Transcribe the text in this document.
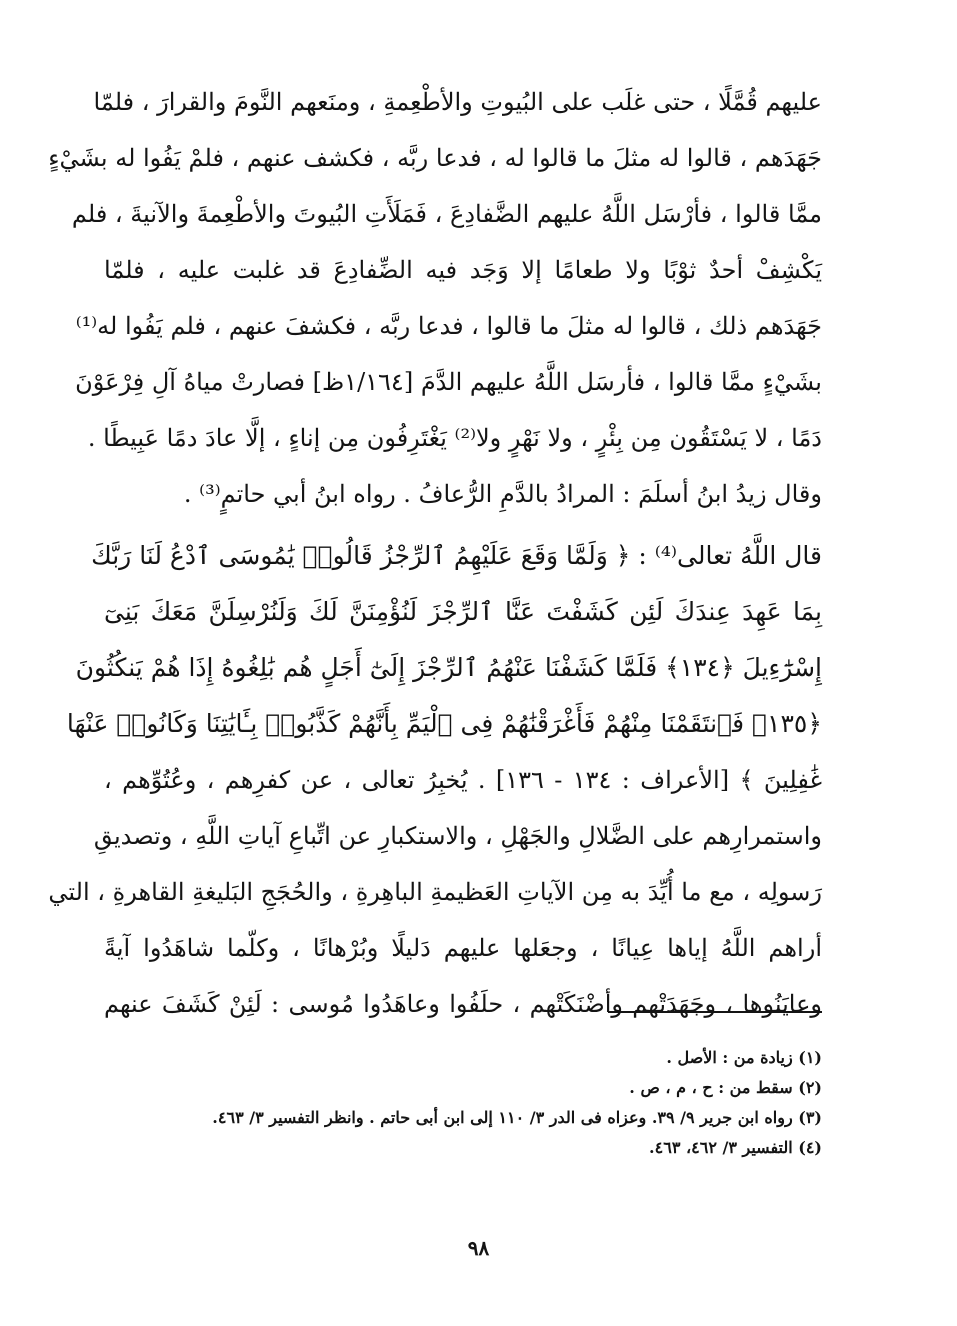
عليهم قُمَّلًا ، حتى غلَب على البُيوتِ والأطْعِمةِ ، ومنَعهم النَّومَ والقرارَ ، فلمّا
جَهَدَهم ، قالوا له مثلَ ما قالوا له ، فدعا ربَّه ، فكشف عنهم ، فلمْ يَفُوا له بشَيْءٍ
ممَّا قالوا ، فأرْسَل اللَّهُ عليهم الضَّفادِعَ ، فَمَلَأَتِ البُيوتَ والأطْعِمةَ والآنيةَ ، فلم
يَكْشِفْ أحدٌ ثوْبًا ولا طعامًا إلا وَجَد فيه الضِّفادِعَ قد غلبت عليه ، فلمّا
جَهَدَهم ذلك ، قالوا له مثلَ ما قالوا ، فدعا ربَّه ، فكشفَ عنهم ، فلم يَفُوا له⁽¹⁾
بشَيْءٍ ممَّا قالوا ، فأرسَل اللَّهُ عليهم الدَّمَ [١/١٦٤ظ] فصارتْ مياهُ آلِ فِرْعَوْنَ
دَمًا ، لا يَسْتَقُون مِن بِئْرٍ ، ولا نَهْرٍ ولا⁽²⁾ يَغْتَرِفُون مِن إناءٍ ، إلَّا عادَ دمًا عَبِيطًا .
وقال زيدُ ابنُ أسلَمَ : المرادُ بالدَّمِ الرُّعافُ . رواه ابنُ أبي حاتمٍ⁽³⁾ .
قال اللَّهُ تعالى⁽⁴⁾ : ﴿ وَلَمَّا وَقَعَ عَلَيْهِمُ ٱلرِّجْزُ قَالُوا۟ يَٰمُوسَى ٱدْعُ لَنَا رَبَّكَ
بِمَا عَهِدَ عِندَكَ لَئِن كَشَفْتَ عَنَّا ٱلرِّجْزَ لَنُؤْمِنَنَّ لَكَ وَلَنُرْسِلَنَّ مَعَكَ بَنِىٓ
إِسْرَٰٓءِيلَ ﴿١٣٤﴾ فَلَمَّا كَشَفْنَا عَنْهُمُ ٱلرِّجْزَ إِلَىٰٓ أَجَلٍ هُم بَٰلِغُوهُ إِذَا هُمْ يَنكُثُونَ
﴿١٣٥﴾ فَٱنتَقَمْنَا مِنْهُمْ فَأَغْرَقْنَٰهُمْ فِى ٱلْيَمِّ بِأَنَّهُمْ كَذَّبُوا۟ بِـَٔايَٰتِنَا وَكَانُوا۟ عَنْهَا
غَٰفِلِينَ ﴾ [الأعراف : ١٣٤ - ١٣٦] . يُخبِرُ تعالى ، عن كفرِهم ، وعُتُوِّهم ،
واستمرارِهم على الضَّلالِ والجَهْلِ ، والاستكبارِ عن اتِّباعِ آياتِ اللَّهِ ، وتصديقِ
رَسولِه ، مع ما أُيِّدَ به مِن الآياتِ العَظيمةِ الباهِرةِ ، والحُجَجِ البَليغةِ القاهرةِ ، التي
أراهم اللَّهُ إياها عِيانًا ، وجعَلها عليهم دَليلًا وبُرْهانًا ، وكلّما شاهَدُوا آيةً
وعايَنُوها ، وجَهَدَتْهم وأضْنَكَتْهم ، حلَفُوا وعاهَدُوا مُوسى : لَئِنْ كَشَفَ عنهم
(١) زيادة من : الأصل .
(٢) سقط من : ح ، م ، ص .
(٣) رواه ابن جرير ٩/ ٣٩. وعزاه فى الدر ٣/ ١١٠ إلى ابن أبى حاتم . وانظر التفسير ٣/ ٤٦٣.
(٤) التفسير ٣/ ٤٦٢، ٤٦٣.
٩٨
